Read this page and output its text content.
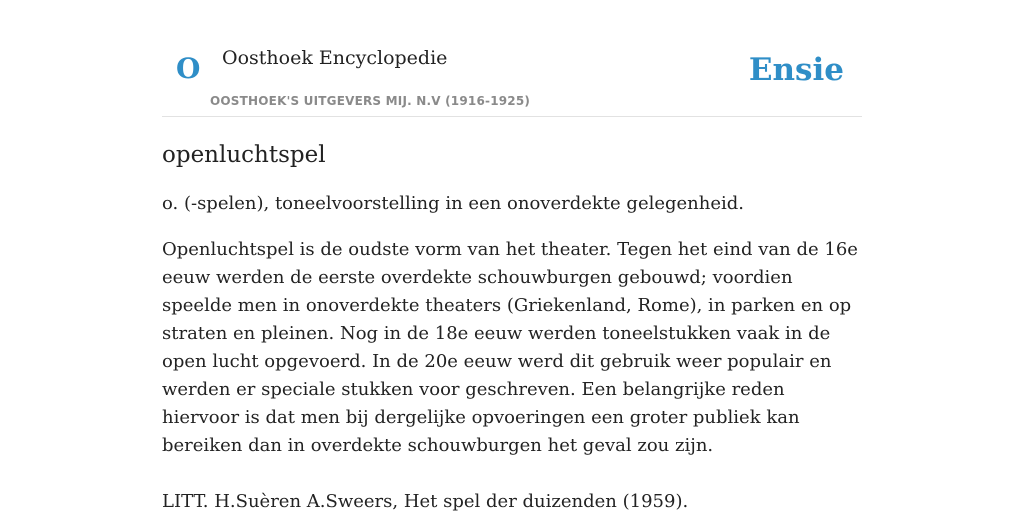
O Oosthoek Encyclopedie
OOSTHOEK'S UITGEVERS MIJ. N.V (1916-1925)
Ensie
openluchtspel

o. (-spelen), toneelvoorstelling in een onoverdekte gelegenheid.

Openluchtspel is de oudste vorm van het theater. Tegen het eind van de 16e eeuw werden de eerste overdekte schouwburgen gebouwd; voordien speelde men in onoverdekte theaters (Griekenland, Rome), in parken en op straten en pleinen. Nog in de 18e eeuw werden toneelstukken vaak in de open lucht opgevoerd. In de 20e eeuw werd dit gebruik weer populair en werden er speciale stukken voor geschreven. Een belangrijke reden hiervoor is dat men bij dergelijke opvoeringen een groter publiek kan bereiken dan in overdekte schouwburgen het geval zou zijn.

LITT. H.Suèren A.Sweers, Het spel der duizenden (1959).
